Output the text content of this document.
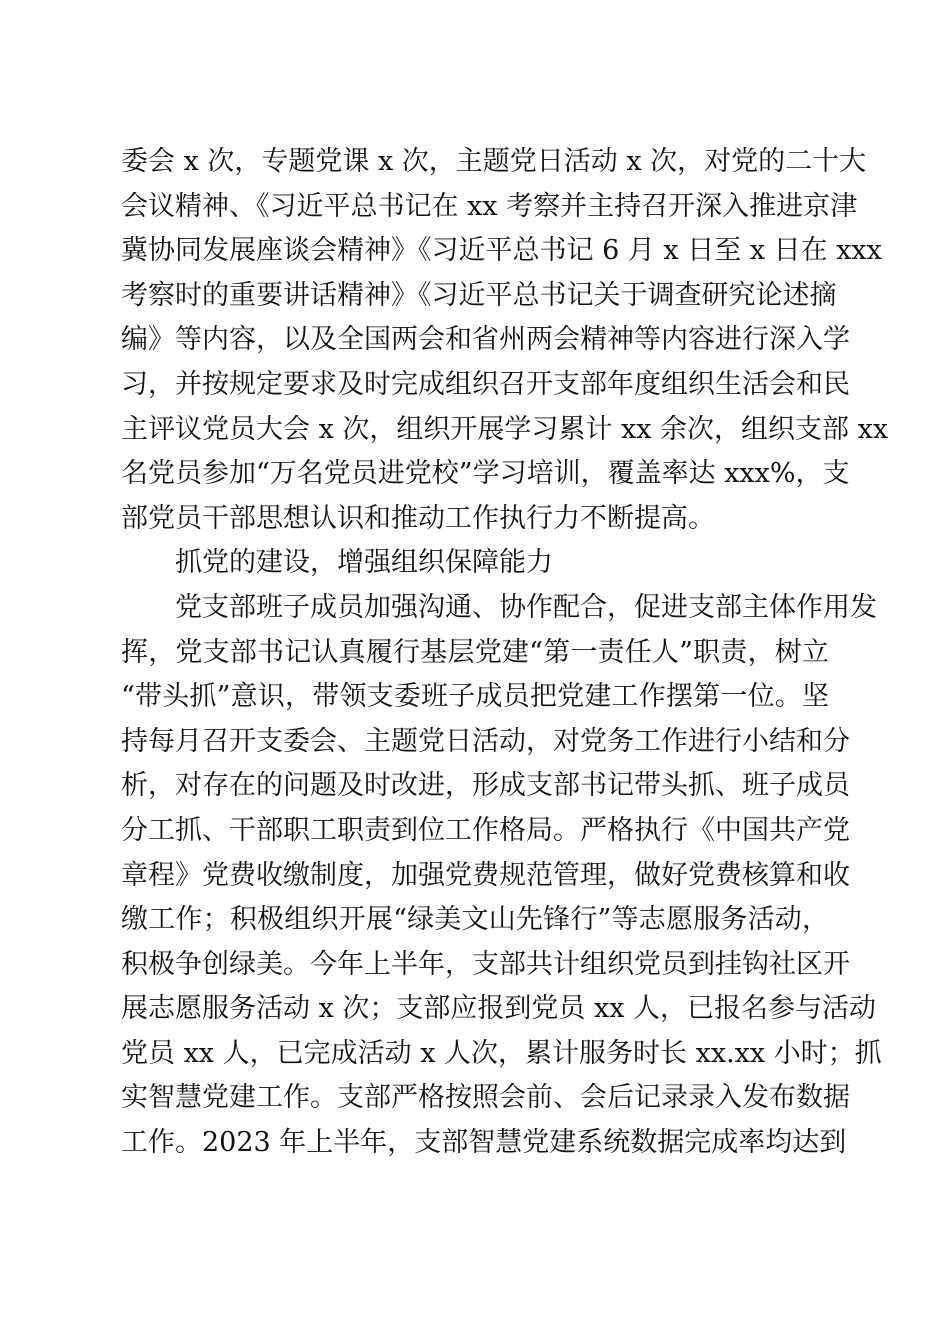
委会 x 次，专题党课 x 次，主题党日活动 x 次，对党的二十大
会议精神、《习近平总书记在 xx 考察并主持召开深入推进京津
冀协同发展座谈会精神》《习近平总书记 6 月 x 日至 x 日在 xxx
考察时的重要讲话精神》《习近平总书记关于调查研究论述摘
编》等内容，以及全国两会和省州两会精神等内容进行深入学
习，并按规定要求及时完成组织召开支部年度组织生活会和民
主评议党员大会 x 次，组织开展学习累计 xx 余次，组织支部 xx
名党员参加“万名党员进党校”学习培训，覆盖率达 xxx%，支
部党员干部思想认识和推动工作执行力不断提高。
抓党的建设，增强组织保障能力
党支部班子成员加强沟通、协作配合，促进支部主体作用发
挥，党支部书记认真履行基层党建“第一责任人”职责，树立
“带头抓”意识，带领支委班子成员把党建工作摆第一位。坚
持每月召开支委会、主题党日活动，对党务工作进行小结和分
析，对存在的问题及时改进，形成支部书记带头抓、班子成员
分工抓、干部职工职责到位工作格局。严格执行《中国共产党
章程》党费收缴制度，加强党费规范管理，做好党费核算和收
缴工作；积极组织开展“绿美文山先锋行”等志愿服务活动，
积极争创绿美。今年上半年，支部共计组织党员到挂钩社区开
展志愿服务活动 x 次；支部应报到党员 xx 人，已报名参与活动
党员 xx 人，已完成活动 x 人次，累计服务时长 xx.xx 小时；抓
实智慧党建工作。支部严格按照会前、会后记录录入发布数据
工作。2023 年上半年，支部智慧党建系统数据完成率均达到
